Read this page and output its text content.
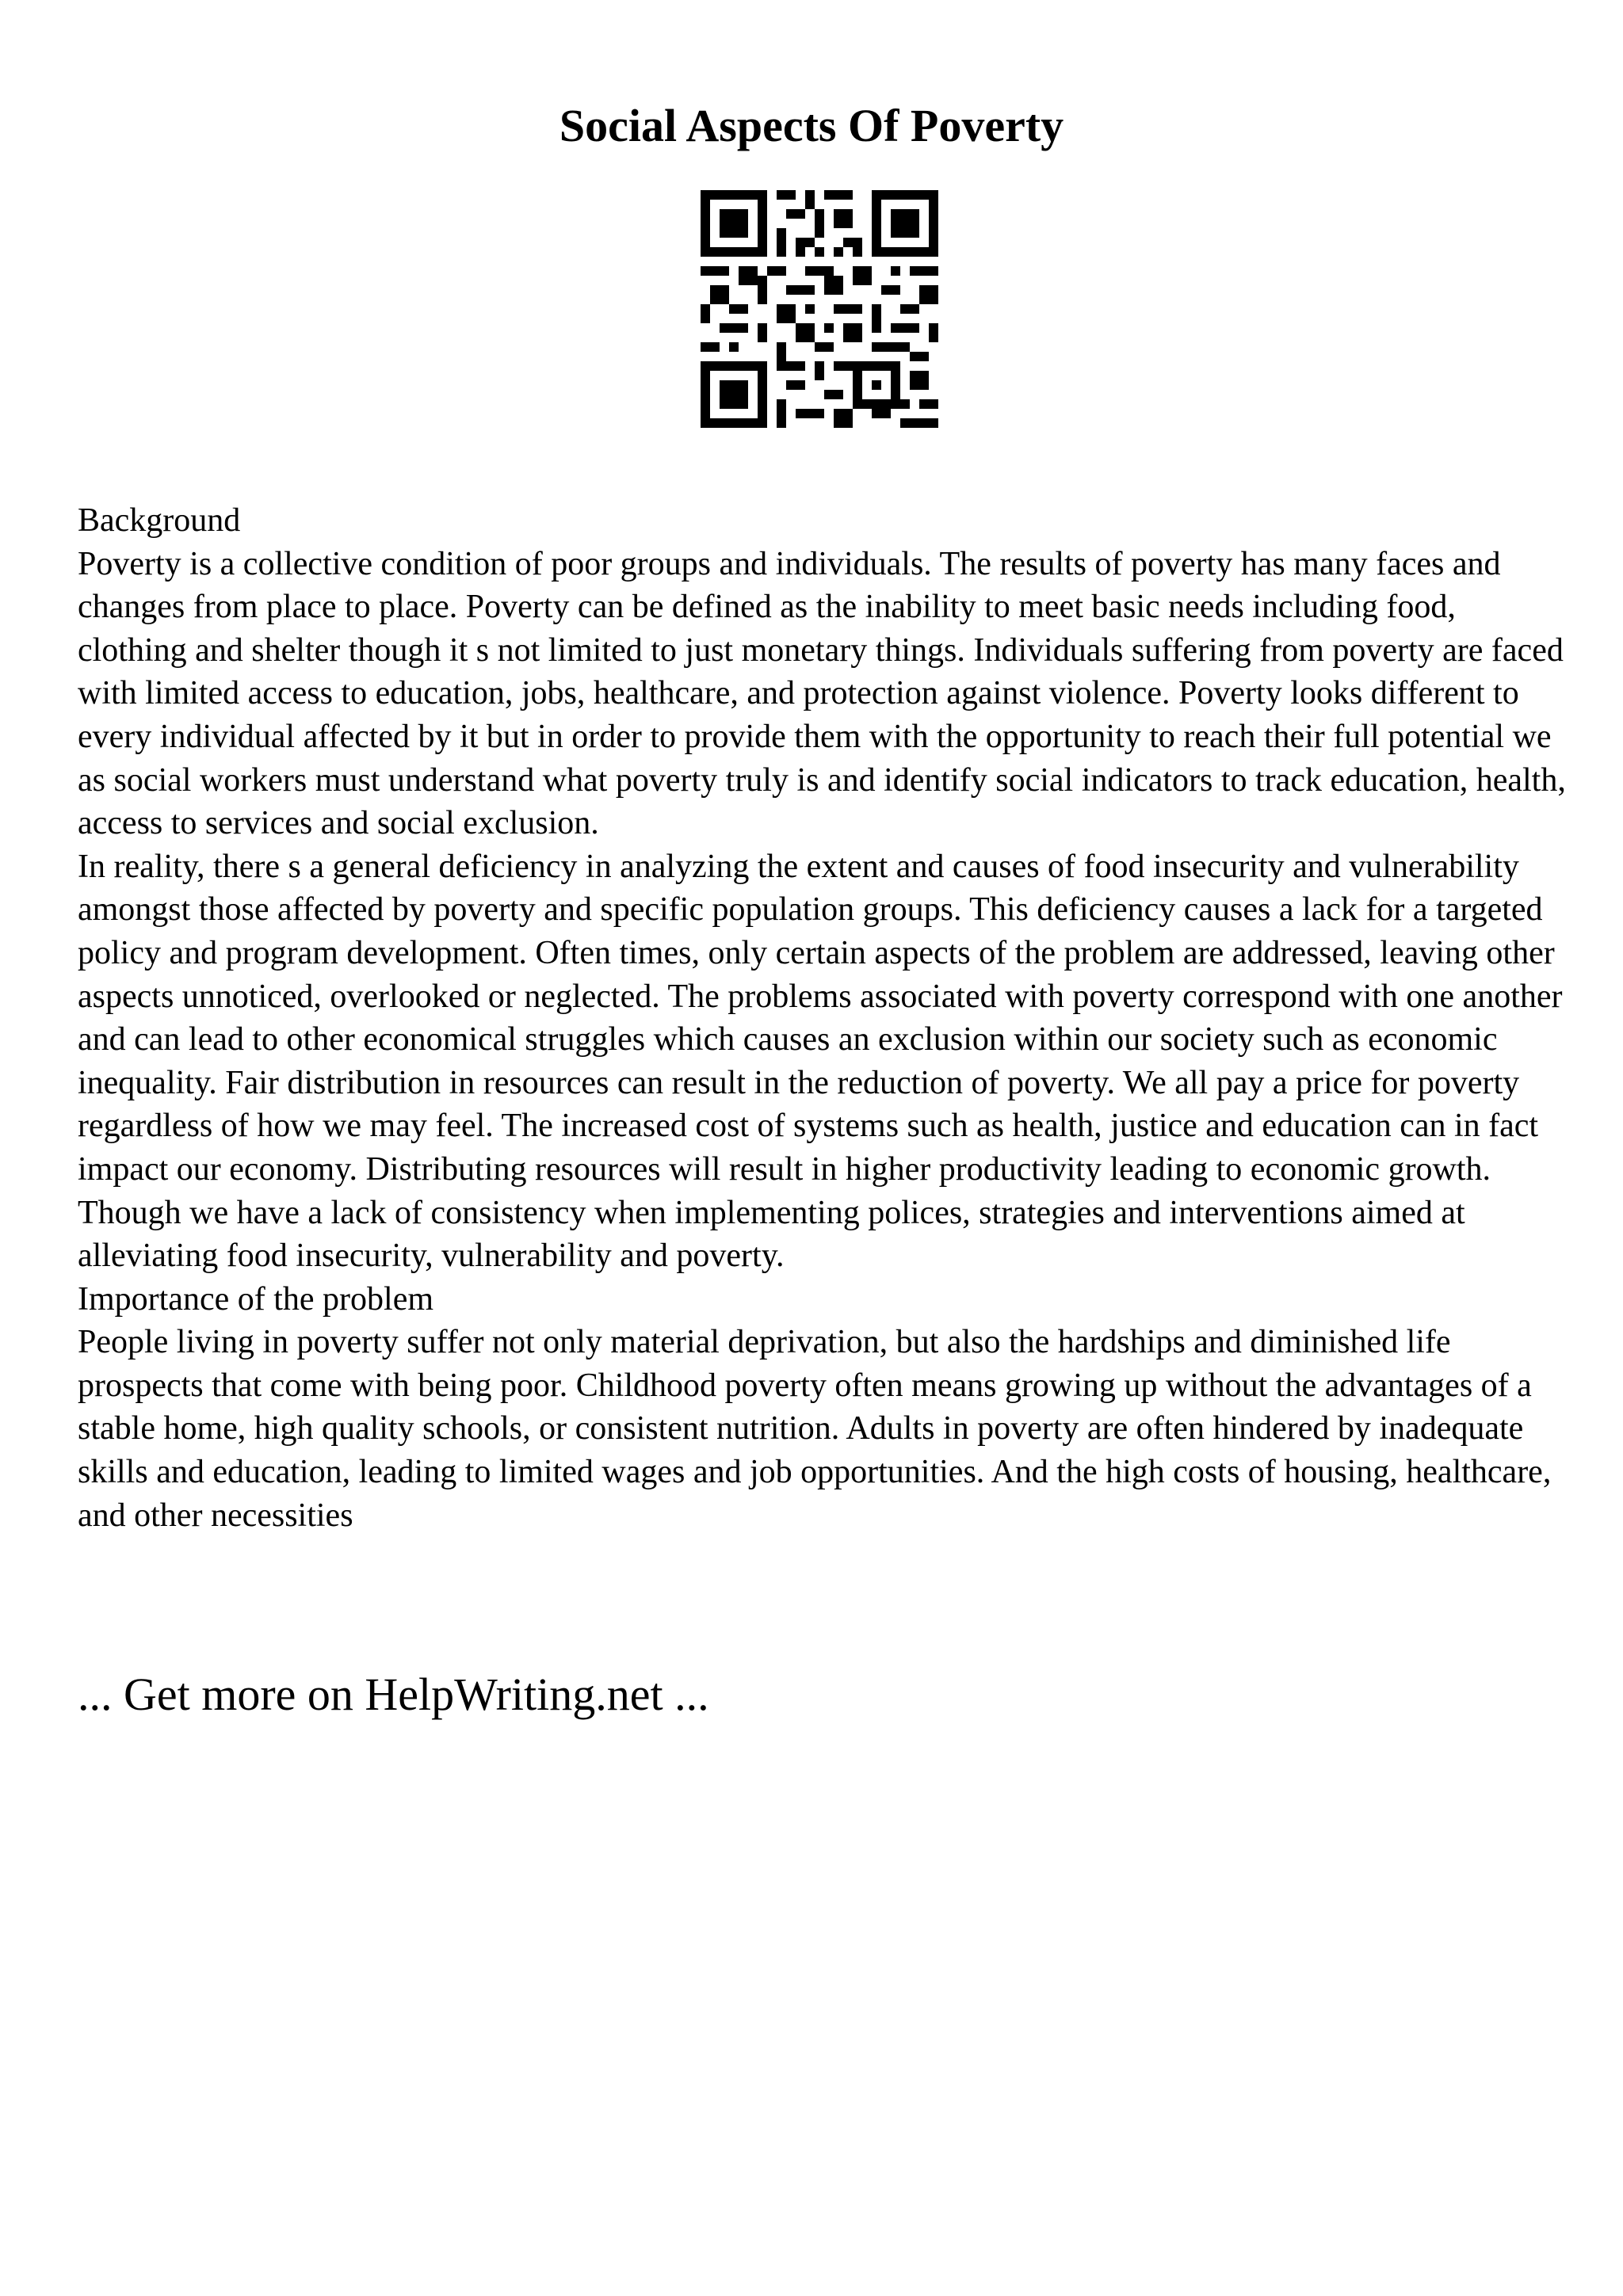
Social Aspects Of Poverty

Background

Poverty is a collective condition of poor groups and individuals. The results of poverty has many faces and changes from place to place. Poverty can be defined as the inability to meet basic needs including food, clothing and shelter though it s not limited to just monetary things. Individuals suffering from poverty are faced with limited access to education, jobs, healthcare, and protection against violence. Poverty looks different to every individual affected by it but in order to provide them with the opportunity to reach their full potential we as social workers must understand what poverty truly is and identify social indicators to track education, health, access to services and social exclusion.

In reality, there s a general deficiency in analyzing the extent and causes of food insecurity and vulnerability amongst those affected by poverty and specific population groups. This deficiency causes a lack for a targeted policy and program development. Often times, only certain aspects of the problem are addressed, leaving other aspects unnoticed, overlooked or neglected. The problems associated with poverty correspond with one another and can lead to other economical struggles which causes an exclusion within our society such as economic inequality. Fair distribution in resources can result in the reduction of poverty. We all pay a price for poverty regardless of how we may feel. The increased cost of systems such as health, justice and education can in fact impact our economy. Distributing resources will result in higher productivity leading to economic growth. Though we have a lack of consistency when implementing polices, strategies and interventions aimed at alleviating food insecurity, vulnerability and poverty.

Importance of the problem

People living in poverty suffer not only material deprivation, but also the hardships and diminished life prospects that come with being poor. Childhood poverty often means growing up without the advantages of a stable home, high quality schools, or consistent nutrition. Adults in poverty are often hindered by inadequate skills and education, leading to limited wages and job opportunities. And the high costs of housing, healthcare, and other necessities

... Get more on HelpWriting.net ...
